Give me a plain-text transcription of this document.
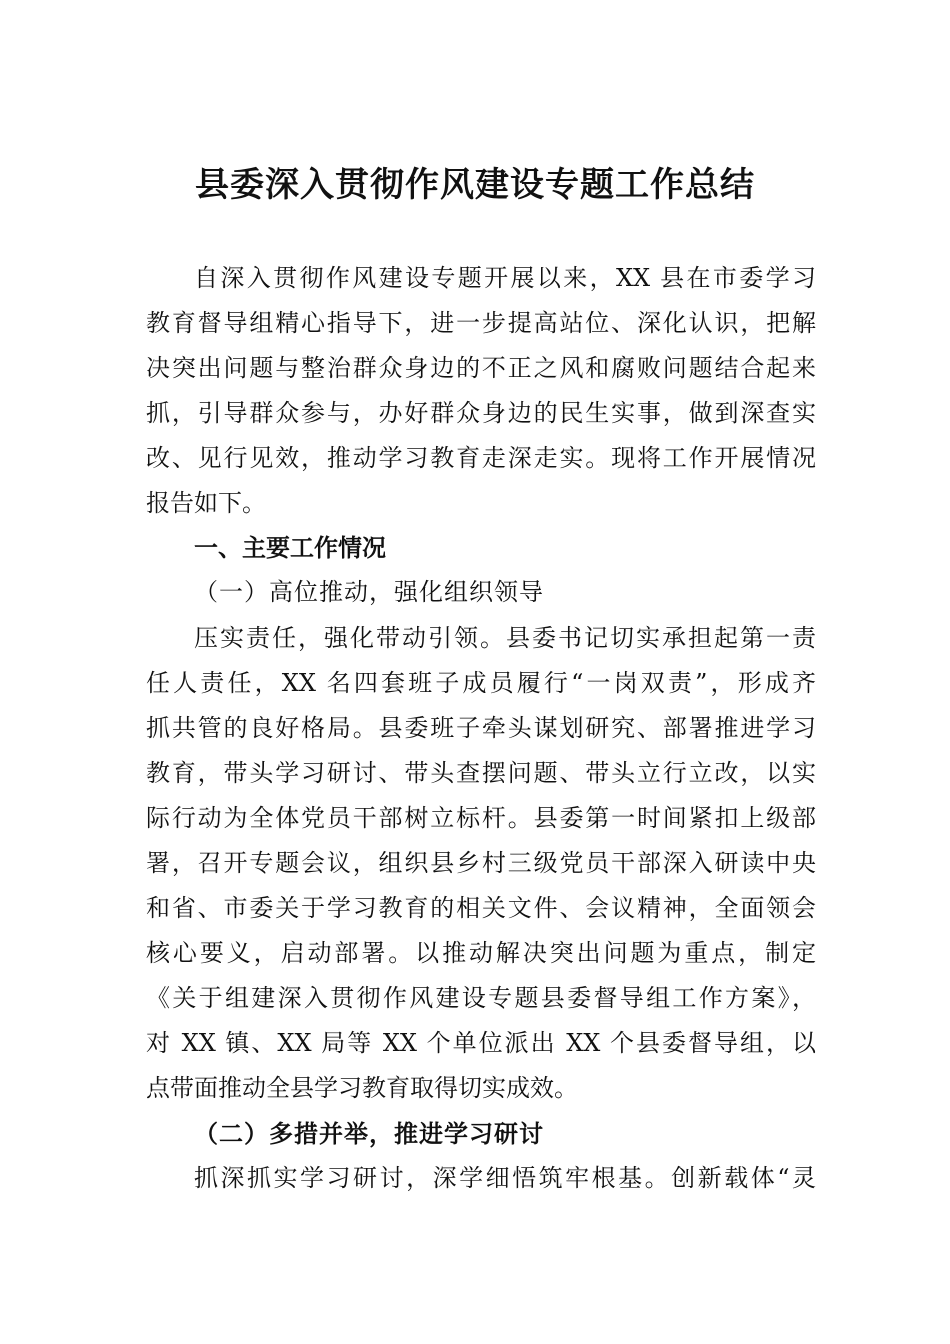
县委深入贯彻作风建设专题工作总结
自深入贯彻作风建设专题开展以来，XX 县在市委学习
教育督导组精心指导下，进一步提高站位、深化认识，把解
决突出问题与整治群众身边的不正之风和腐败问题结合起来
抓，引导群众参与，办好群众身边的民生实事，做到深查实
改、见行见效，推动学习教育走深走实。现将工作开展情况
报告如下。
一、主要工作情况
（一）高位推动，强化组织领导
压实责任，强化带动引领。县委书记切实承担起第一责
任人责任，XX 名四套班子成员履行“一岗双责”，形成齐
抓共管的良好格局。县委班子牵头谋划研究、部署推进学习
教育，带头学习研讨、带头查摆问题、带头立行立改，以实
际行动为全体党员干部树立标杆。县委第一时间紧扣上级部
署，召开专题会议，组织县乡村三级党员干部深入研读中央
和省、市委关于学习教育的相关文件、会议精神，全面领会
核心要义，启动部署。以推动解决突出问题为重点，制定
《关于组建深入贯彻作风建设专题县委督导组工作方案》，
对 XX 镇、XX 局等 XX 个单位派出 XX 个县委督导组，以
点带面推动全县学习教育取得切实成效。
（二）多措并举，推进学习研讨
抓深抓实学习研讨，深学细悟筑牢根基。创新载体“灵
